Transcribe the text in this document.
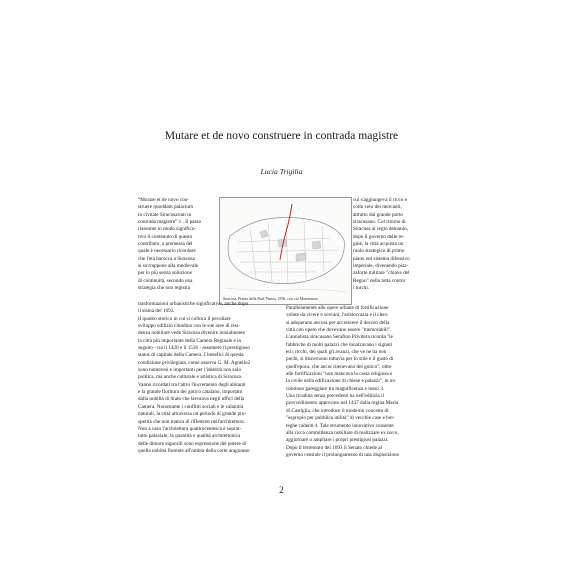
Mutare et de novo construere in contrada magistre
Lucia Trigilia
“Murare et de novo con-
struere quoddam palacium
in civitate Siracusarum in
contrada magistre” 1 . Il passo
riassume in modo significa-
tivo il contenuto di questo
contributo, a premessa del
quale è necessario ricordare
che l'età barocca a Siracusa
si sovrappone alla medievale
per lo più senza soluzione
di continuità, secondo una
strategia che non registra
Siracusa. Pianta della Real Piazza, 1830, con via Maestranza.
cui s'aggiungeva il ricco e
colto ceto dei mercanti,
attratto dal grande porto
siracusano. Col ritorno di
Siracusa al regio demanio,
dopo il governo delle re-
gine, la città acquista un
ruolo strategico di primo
piano nel sistema difensivo
imperiale, divenendo piaz-
zaforte militare "chiave del
Regno" nella lotta contro
i turchi.
trasformazioni urbanistiche significative, anche dopo
il sisma del 1693.
Il quadro storico in cui si colloca il peculiare
sviluppo edilizio cittadino con le sue aree di resi-
denza nobiliare vede Siracusa divenire inizialmente
la città più importante della Camera Reginale e in
seguito - tra il 1420 e il 1536 - assumere il prestigioso
status di capitale della Camera. I benefici di questa
condizione privilegiata, come osserva G. M. Agnello2
sono numerosi e importanti per l'identità non solo
politica, ma anche culturale e artistica di Siracusa.
Vanno ricordati tra l'altro l'incremento degli abitanti
e la grande fioritura del gotico catalano, importato
dalla nobiltà di Stato che lavorava negli uffici della
Camera. Nonostante i conflitti sociali e le calamità
naturali, la città attraversa un periodo di grande pro-
sperità che non manca di rifletterst nell'architettura.
Non a caso l'architettura quattrocentesca è soprat-
tutto palaziale; la quantità e qualità architettonica
delle dimore signorili sono espressione del potere di
quella nobiltà fiorente all'ombra della corte aragonese
Parallelamente alle opere urbane di fortificazione
volute da vicerè e sovrani, l'aristocrazia e il clero
si adoperano ancora per accrescere il decoro della
città con opere che dovevano essere "memorabili".
L'annalista siracusano Serafino Privitera ricorda "le
fabbriche di molti palazzi che innalzavano i signori
ed i ricchi, dei quali gli avanzi, che ve ne ha non
pochi, si discernono tuttavia per lo stile e il gusto di
quell'epoca, che ancor ritenevano del gotico"; oltre
alle fortificazioni "non mancava la casta religiosa e
la civile nella edificazione di chiese e palazzi", in un
continuo gareggiare tra magnificenza e lusso 3.
Una ricaduta senza precedenti ha nell'edilizia il
provvedimento approvato nel 1437 dalla regina Maria
di Castiglia, che introduce il moderno concetto di
"espropio per pubblica utilità" di vecchie case e bot-
teghe cadenti 4. Tale strumento innovativo consente
alla ricca committenza nobiliare di realizzare ex novo,
aggiornare o ampliare i propri prestigiosi palazzi.
Dopo il terremoto del 1693 il Senato chiede al
governo centrale il prolungamento di una disposizione
2
